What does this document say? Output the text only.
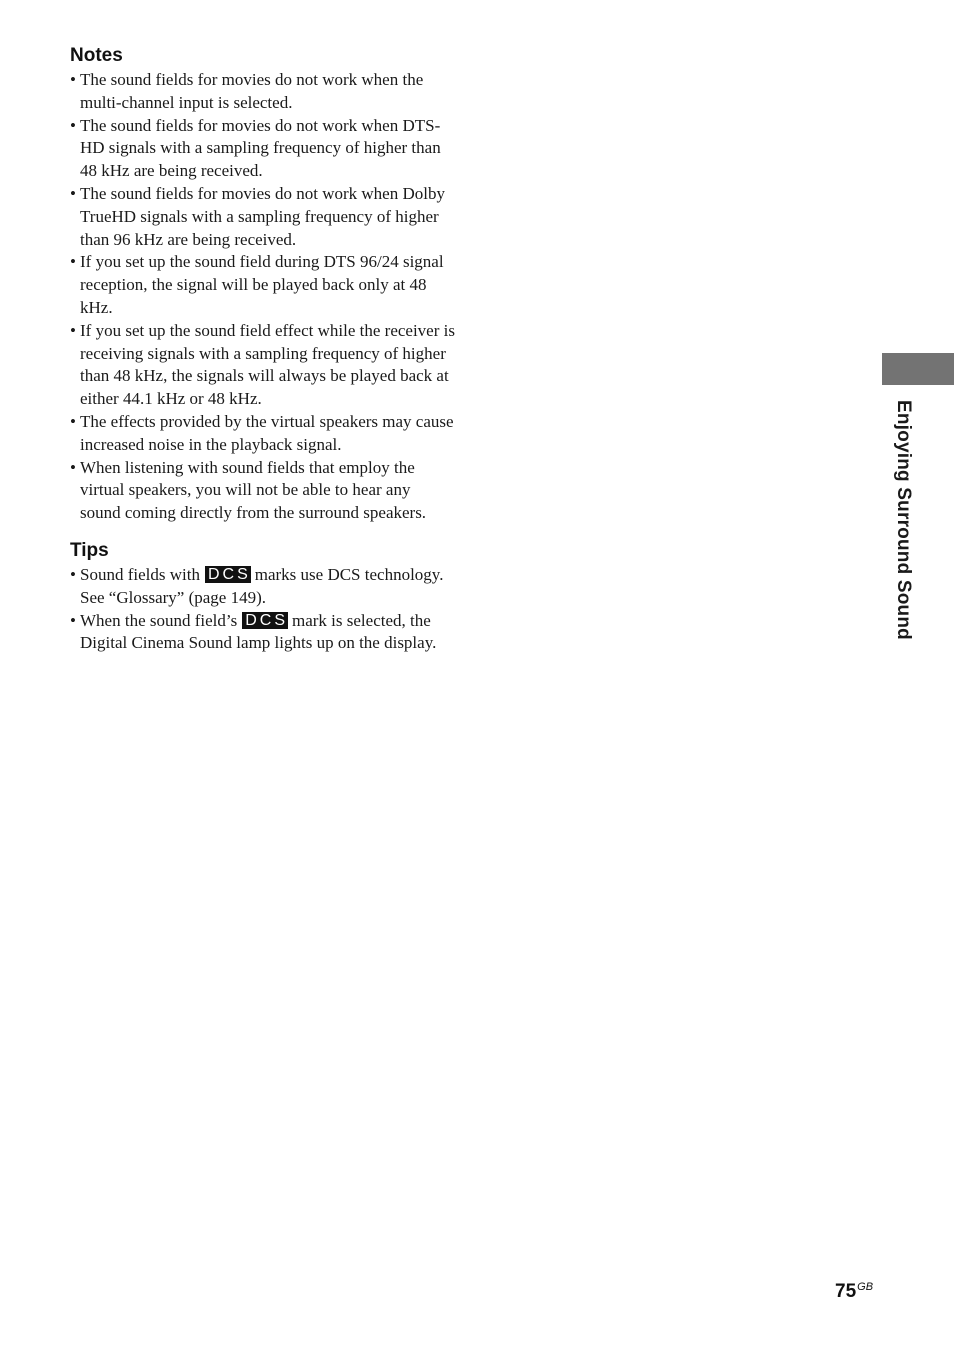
Notes
• The sound fields for movies do not work when the multi-channel input is selected.
• The sound fields for movies do not work when DTS-HD signals with a sampling frequency of higher than 48 kHz are being received.
• The sound fields for movies do not work when Dolby TrueHD signals with a sampling frequency of higher than 96 kHz are being received.
• If you set up the sound field during DTS 96/24 signal reception, the signal will be played back only at 48 kHz.
• If you set up the sound field effect while the receiver is receiving signals with a sampling frequency of higher than 48 kHz, the signals will always be played back at either 44.1 kHz or 48 kHz.
• The effects provided by the virtual speakers may cause increased noise in the playback signal.
• When listening with sound fields that employ the virtual speakers, you will not be able to hear any sound coming directly from the surround speakers.
Tips
• Sound fields with DCS marks use DCS technology. See “Glossary” (page 149).
• When the sound field’s DCS mark is selected, the Digital Cinema Sound lamp lights up on the display.
Enjoying Surround Sound
$75^{GB}$
